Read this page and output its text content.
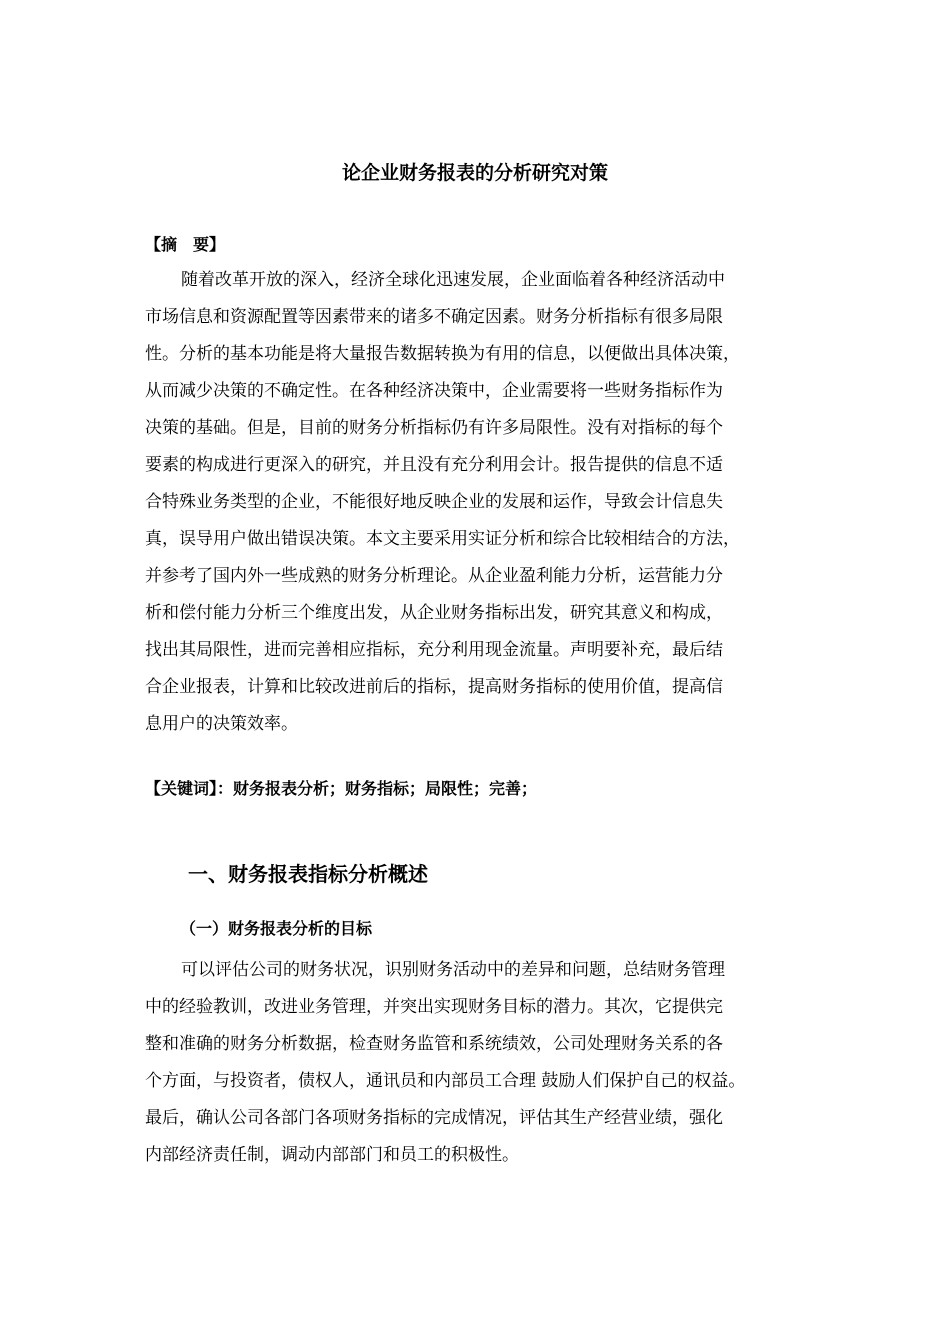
论企业财务报表的分析研究对策
【摘　要】
随着改革开放的深入，经济全球化迅速发展，企业面临着各种经济活动中
市场信息和资源配置等因素带来的诸多不确定因素。财务分析指标有很多局限
性。分析的基本功能是将大量报告数据转换为有用的信息，以便做出具体决策，
从而减少决策的不确定性。在各种经济决策中，企业需要将一些财务指标作为
决策的基础。但是，目前的财务分析指标仍有许多局限性。没有对指标的每个
要素的构成进行更深入的研究，并且没有充分利用会计。报告提供的信息不适
合特殊业务类型的企业，不能很好地反映企业的发展和运作，导致会计信息失
真，误导用户做出错误决策。本文主要采用实证分析和综合比较相结合的方法，
并参考了国内外一些成熟的财务分析理论。从企业盈利能力分析，运营能力分
析和偿付能力分析三个维度出发，从企业财务指标出发，研究其意义和构成，
找出其局限性，进而完善相应指标，充分利用现金流量。声明要补充，最后结
合企业报表，计算和比较改进前后的指标，提高财务指标的使用价值，提高信
息用户的决策效率。
【关键词】：财务报表分析；财务指标；局限性；完善；
一、财务报表指标分析概述
（一）财务报表分析的目标
可以评估公司的财务状况，识别财务活动中的差异和问题，总结财务管理
中的经验教训，改进业务管理，并突出实现财务目标的潜力。其次，它提供完
整和准确的财务分析数据，检查财务监管和系统绩效，公司处理财务关系的各
个方面，与投资者，债权人，通讯员和内部员工合理 鼓励人们保护自己的权益。
最后，确认公司各部门各项财务指标的完成情况，评估其生产经营业绩，强化
内部经济责任制，调动内部部门和员工的积极性。
